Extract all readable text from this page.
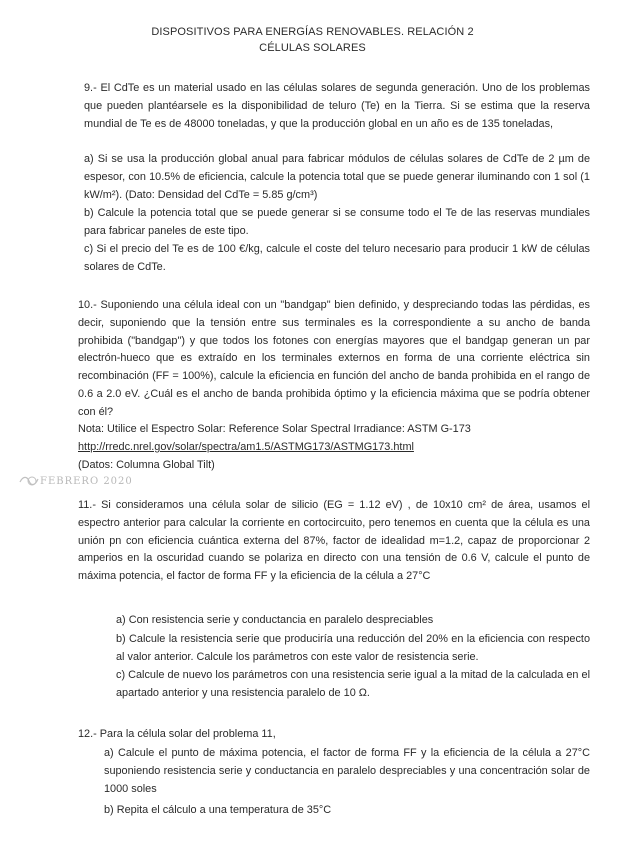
DISPOSITIVOS PARA ENERGÍAS RENOVABLES. RELACIÓN 2
CÉLULAS SOLARES

9.- El CdTe es un material usado en las células solares de segunda generación. Uno de los problemas que pueden plantéarsele es la disponibilidad de teluro (Te) en la Tierra. Si se estima que la reserva mundial de Te es de 48000 toneladas, y que la producción global en un año es de 135 toneladas,

a) Si se usa la producción global anual para fabricar módulos de células solares de CdTe de 2 µm de espesor, con 10.5% de eficiencia, calcule la potencia total que se puede generar iluminando con 1 sol (1 kW/m²). (Dato: Densidad del CdTe = 5.85 g/cm³)

b) Calcule la potencia total que se puede generar si se consume todo el Te de las reservas mundiales para fabricar paneles de este tipo.

c) Si el precio del Te es de 100 €/kg, calcule el coste del teluro necesario para producir 1 kW de células solares de CdTe.

10.- Suponiendo una célula ideal con un "bandgap" bien definido, y despreciando todas las pérdidas, es decir, suponiendo que la tensión entre sus terminales es la correspondiente a su ancho de banda prohibida ("bandgap") y que todos los fotones con energías mayores que el bandgap generan un par electrón-hueco que es extraído en los terminales externos en forma de una corriente eléctrica sin recombinación (FF = 100%), calcule la eficiencia en función del ancho de banda prohibida en el rango de 0.6 a 2.0 eV. ¿Cuál es el ancho de banda prohibida óptimo y la eficiencia máxima que se podría obtener con él?

Nota: Utilice el Espectro Solar: Reference Solar Spectral Irradiance: ASTM G-173

http://rredc.nrel.gov/solar/spectra/am1.5/ASTMG173/ASTMG173.html

(Datos: Columna Global Tilt)

FEBRERO 2020

11.- Si consideramos una célula solar de silicio (EG = 1.12 eV) , de 10x10 cm² de área, usamos el espectro anterior para calcular la corriente en cortocircuito, pero tenemos en cuenta que la célula es una unión pn con eficiencia cuántica externa del 87%, factor de idealidad m=1.2, capaz de proporcionar 2 amperios en la oscuridad cuando se polariza en directo con una tensión de 0.6 V, calcule el punto de máxima potencia, el factor de forma FF y la eficiencia de la célula a 27°C

a) Con resistencia serie y conductancia en paralelo despreciables

b) Calcule la resistencia serie que produciría una reducción del 20% en la eficiencia con respecto al valor anterior. Calcule los parámetros con este valor de resistencia serie.

c) Calcule de nuevo los parámetros con una resistencia serie igual a la mitad de la calculada en el apartado anterior y una resistencia paralelo de 10 Ω.

12.- Para la célula solar del problema 11,

a) Calcule el punto de máxima potencia, el factor de forma FF y la eficiencia de la célula a 27°C suponiendo resistencia serie y conductancia en paralelo despreciables y una concentración solar de 1000 soles

b) Repita el cálculo a una temperatura de 35°C
